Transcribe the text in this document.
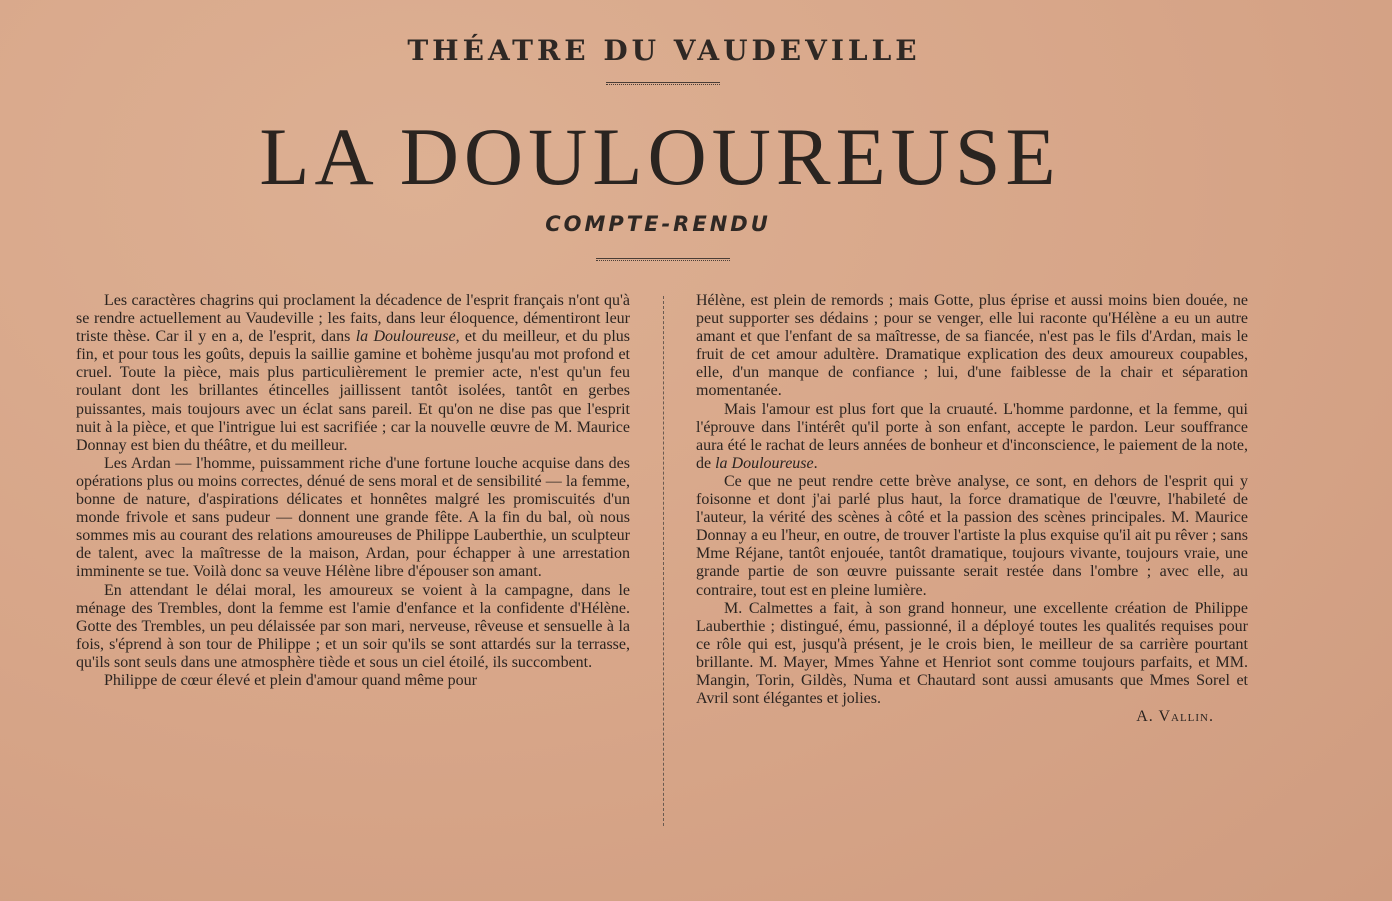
THÉATRE DU VAUDEVILLE
LA DOULOUREUSE
COMPTE-RENDU

Les caractères chagrins qui proclament la décadence de l'esprit français n'ont qu'à se rendre actuellement au Vaudeville ; les faits, dans leur éloquence, démentiront leur triste thèse. Car il y en a, de l'esprit, dans la Douloureuse, et du meilleur, et du plus fin, et pour tous les goûts, depuis la saillie gamine et bohème jusqu'au mot profond et cruel. Toute la pièce, mais plus particulièrement le premier acte, n'est qu'un feu roulant dont les brillantes étincelles jaillissent tantôt isolées, tantôt en gerbes puissantes, mais toujours avec un éclat sans pareil. Et qu'on ne dise pas que l'esprit nuit à la pièce, et que l'intrigue lui est sacrifiée ; car la nouvelle œuvre de M. Maurice Donnay est bien du théâtre, et du meilleur.

Les Ardan — l'homme, puissamment riche d'une fortune louche acquise dans des opérations plus ou moins correctes, dénué de sens moral et de sensibilité — la femme, bonne de nature, d'aspirations délicates et honnêtes malgré les promiscuités d'un monde frivole et sans pudeur — donnent une grande fête. A la fin du bal, où nous sommes mis au courant des relations amoureuses de Philippe Lauberthie, un sculpteur de talent, avec la maîtresse de la maison, Ardan, pour échapper à une arrestation imminente se tue. Voilà donc sa veuve Hélène libre d'épouser son amant.

En attendant le délai moral, les amoureux se voient à la campagne, dans le ménage des Trembles, dont la femme est l'amie d'enfance et la confidente d'Hélène. Gotte des Trembles, un peu délaissée par son mari, nerveuse, rêveuse et sensuelle à la fois, s'éprend à son tour de Philippe ; et un soir qu'ils se sont attardés sur la terrasse, qu'ils sont seuls dans une atmosphère tiède et sous un ciel étoilé, ils succombent.

Philippe de cœur élevé et plein d'amour quand même pour

Hélène, est plein de remords ; mais Gotte, plus éprise et aussi moins bien douée, ne peut supporter ses dédains ; pour se venger, elle lui raconte qu'Hélène a eu un autre amant et que l'enfant de sa maîtresse, de sa fiancée, n'est pas le fils d'Ardan, mais le fruit de cet amour adultère. Dramatique explication des deux amoureux coupables, elle, d'un manque de confiance ; lui, d'une faiblesse de la chair et séparation momentanée.

Mais l'amour est plus fort que la cruauté. L'homme pardonne, et la femme, qui l'éprouve dans l'intérêt qu'il porte à son enfant, accepte le pardon. Leur souffrance aura été le rachat de leurs années de bonheur et d'inconscience, le paiement de la note, de la Douloureuse.

Ce que ne peut rendre cette brève analyse, ce sont, en dehors de l'esprit qui y foisonne et dont j'ai parlé plus haut, la force dramatique de l'œuvre, l'habileté de l'auteur, la vérité des scènes à côté et la passion des scènes principales. M. Maurice Donnay a eu l'heur, en outre, de trouver l'artiste la plus exquise qu'il ait pu rêver ; sans Mme Réjane, tantôt enjouée, tantôt dramatique, toujours vivante, toujours vraie, une grande partie de son œuvre puissante serait restée dans l'ombre ; avec elle, au contraire, tout est en pleine lumière.

M. Calmettes a fait, à son grand honneur, une excellente création de Philippe Lauberthie ; distingué, ému, passionné, il a déployé toutes les qualités requises pour ce rôle qui est, jusqu'à présent, je le crois bien, le meilleur de sa carrière pourtant brillante. M. Mayer, Mmes Yahne et Henriot sont comme toujours parfaits, et MM. Mangin, Torin, Gildès, Numa et Chautard sont aussi amusants que Mmes Sorel et Avril sont élégantes et jolies.

A. Vallin.
